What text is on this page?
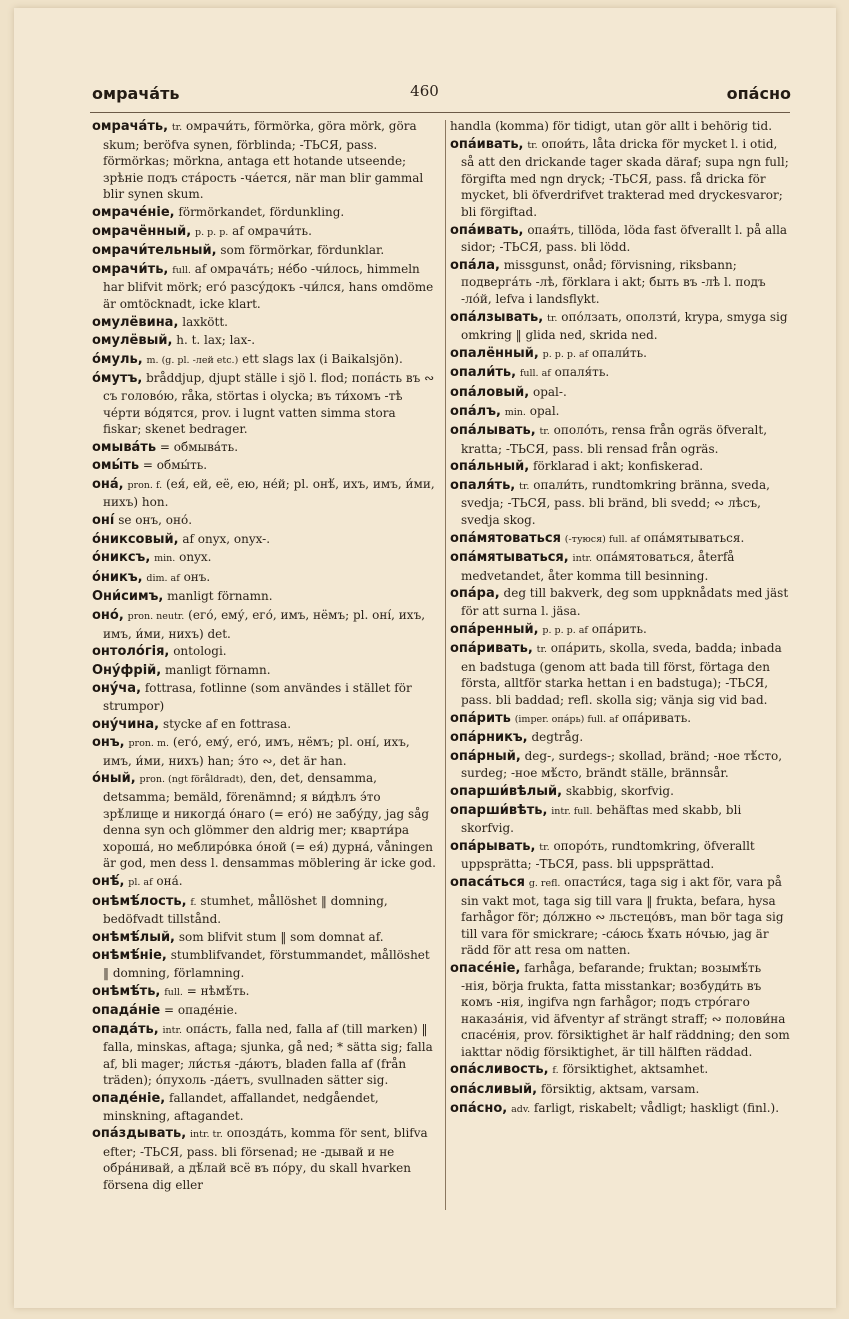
омрача́ть	460	опа́сно

омрача́ть, tr. омрачи́ть, förmörka, göra mörk, göra skum; beröfva synen, förblinda; -ТЬСЯ, pass. förmörkas; mörkna, antaga ett hotande utseende; зрѣніе подъ ста́рость -ча́ется, när man blir gammal blir synen skum.

омраче́ніе, förmörkandet, fördunkling.

омрачённый, p. p. p. af омрачи́ть.

омрачи́тельный, som förmörkar, fördunklar.

омрачи́ть, full. af омрача́ть; не́бо -чи́лось, himmeln har blifvit mörk; его́ разсу́докъ -чи́лся, hans omdöme är omtöcknadt, icke klart.

омулёвина, laxkött.

омулёвый, h. t. lax; lax-.

о́муль, m. (g. pl. -лей etc.) ett slags lax (i Baikalsjön).

о́мутъ, bråddjup, djupt ställe i sjö l. flod; попа́сть въ ∾ съ голово́ю, råka, störtas i olycka; въ ти́хомъ -тѣ че́рти во́дятся, prov. i lugnt vatten simma stora fiskar; skenet bedrager.

омыва́ть = обмыва́ть.

омы́ть = обмы́ть.

она́, pron. f. (ея́, ей, её, ею, не́й; pl. онѣ́, ихъ, имъ, и́ми, нихъ) hon.

оні́ se онъ, оно́.

о́никсовый, af onyx, onyx-.

о́никсъ, min. onyx.

о́никъ, dim. af онъ.

Они́симъ, manligt förnamn.

оно́, pron. neutr. (его́, ему́, его́, имъ, нёмъ; pl. оні́, ихъ, имъ, и́ми, нихъ) det.

онтоло́гія, ontologi.

Ону́фрій, manligt förnamn.

ону́ча, fottrasa, fotlinne (som användes i stället för strumpor)

ону́чина, stycke af en fottrasa.

онъ, pron. m. (его́, ему́, его́, имъ, нёмъ; pl. оні́, ихъ, имъ, и́ми, нихъ) han; э́то ∾, det är han.

о́ный, pron. (ngt föråldradt), den, det, densamma, detsamma; bemäld, förenämnd; я ви́дѣлъ э́то зрѣ́лище и никогда́ о́наго (= его́) не забу́ду, jag såg denna syn och glömmer den aldrig mer; кварти́ра хороша́, но меблиро́вка о́ной (= ея́) дурна́, våningen är god, men dess l. densammas möblering är icke god.

онѣ́, pl. af она́.

онѣмѣ́лость, f. stumhet, mållöshet ‖ domning, bedöfvadt tillstånd.

онѣмѣ́лый, som blifvit stum ‖ som domnat af.

онѣмѣ́ніе, stumblifvandet, förstummandet, mållöshet ‖ domning, förlamning.

онѣмѣ́ть, full. = нѣмѣ́ть.

опада́ніе = опаде́ніе.

опада́ть, intr. опа́сть, falla ned, falla af (till marken) ‖ falla, minskas, aftaga; sjunka, gå ned; * sätta sig; falla af, bli mager; ли́стья -да́ютъ, bladen falla af (från träden); о́пухоль -да́етъ, svullnaden sätter sig.

опаде́ніе, fallandet, affallandet, nedgåendet, minskning, aftagandet.

опа́здывать, intr. tr. опозда́ть, komma för sent, blifva efter; -ТЬСЯ, pass. bli försenad; не -дывай и не обра́нивай, а дѣ́лай всё въ по́ру, du skall hvarken försena dig eller

handla (komma) för tidigt, utan gör allt i behörig tid.

опа́ивать, tr. опои́ть, låta dricka för mycket l. i otid, så att den drickande tager skada däraf; supa ngn full; förgifta med ngn dryck; -ТЬСЯ, pass. få dricka för mycket, bli öfverdrifvet trakterad med dryckesvaror; bli förgiftad.

опа́ивать, опая́ть, tillöda, löda fast öfverallt l. på alla sidor; -ТЬСЯ, pass. bli lödd.

опа́ла, missgunst, onåd; förvisning, riksbann; подверга́ть -лѣ, förklara i akt; быть въ -лѣ l. подъ -ло́й, lefva i landsflykt.

опа́лзывать, tr. опо́лзать, оползти́, krypa, smyga sig omkring ‖ glida ned, skrida ned.

опалённый, p. p. p. af опали́ть.

опали́ть, full. af опаля́ть.

опа́ловый, opal-.

опа́лъ, min. opal.

опа́лывать, tr. ополо́ть, rensa från ogräs öfveralt, kratta; -ТЬСЯ, pass. bli rensad från ogräs.

опа́льный, förklarad i akt; konfiskerad.

опаля́ть, tr. опали́ть, rundtomkring bränna, sveda, svedja; -ТЬСЯ, pass. bli bränd, bli svedd; ∾ лѣсъ, svedja skog.

опа́мятоваться (-туюся) full. af опа́мятываться.

опа́мятываться, intr. опа́мятоваться, återfå medvetandet, åter komma till besinning.

опа́ра, deg till bakverk, deg som uppknådats med jäst för att surna l. jäsa.

опа́ренный, p. p. p. af опа́рить.

опа́ривать, tr. опа́рить, skolla, sveda, badda; inbada en badstuga (genom att bada till först, förtaga den första, alltför starka hettan i en badstuga); -ТЬСЯ, pass. bli baddad; refl. skolla sig; vänja sig vid bad.

опа́рить (imper. опа́рь) full. af опа́ривать.

опа́рникъ, degtråg.

опа́рный, deg-, surdegs-; skollad, bränd; -ное тѣ́сто, surdeg; -ное мѣ́сто, brändt ställe, brännsår.

опарши́вѣлый, skabbig, skorfvig.

опарши́вѣть, intr. full. behäftas med skabb, bli skorfvig.

опа́рывать, tr. опоро́ть, rundtomkring, öfverallt uppsprätta; -ТЬСЯ, pass. bli uppsprättad.

опаса́ться g. refl. опасти́ся, taga sig i akt för, vara på sin vakt mot, taga sig till vara ‖ frukta, befara, hysa farhågor för; до́лжно ∾ льстецо́въ, man bör taga sig till vara för smickrare; -са́юсь ѣ́хать но́чью, jag är rädd för att resa om natten.

опасе́ніе, farhåga, befarande; fruktan; возымѣ́ть -нія, börja frukta, fatta misstankar; возбуди́ть въ комъ -нія, ingifva ngn farhågor; подъ стро́гаго наказа́нія, vid äfventyr af strängt straff; ∾ полови́на спасе́нія, prov. försiktighet är half räddning; den som iakttar nödig försiktighet, är till hälften räddad.

опа́сливость, f. försiktighet, aktsamhet.

опа́сливый, försiktig, aktsam, varsam.

опа́сно, adv. farligt, riskabelt; vådligt; haskligt (finl.).
